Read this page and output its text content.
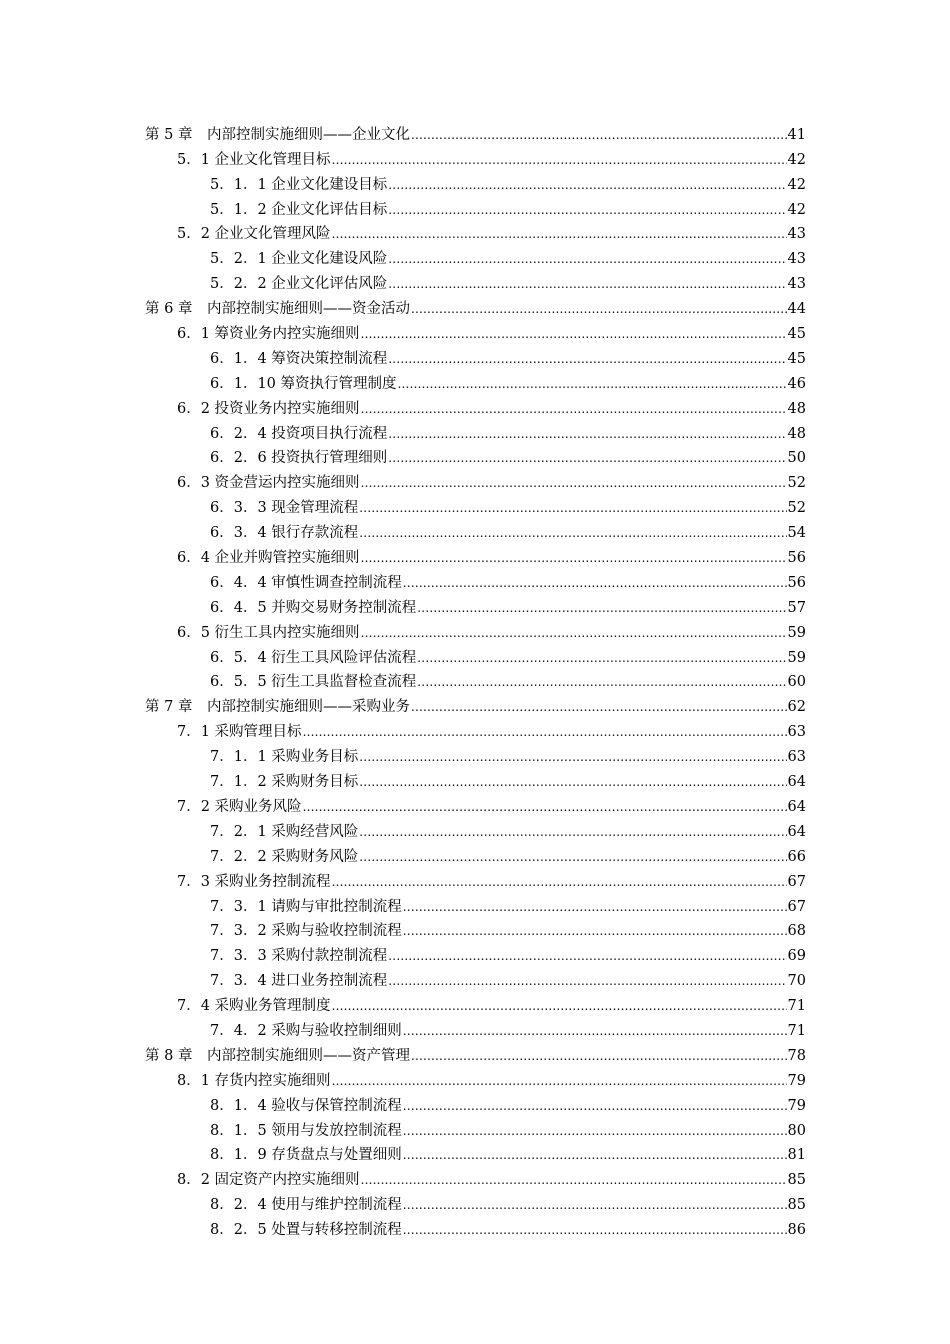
第 5 章　内部控制实施细则——企业文化 .....	41
5．1 企业文化管理目标 .....	42
5．1．1 企业文化建设目标 .....	42
5．1．2 企业文化评估目标 .....	42
5．2 企业文化管理风险 .....	43
5．2．1 企业文化建设风险 .....	43
5．2．2 企业文化评估风险 .....	43
第 6 章　内部控制实施细则——资金活动 .....	44
6．1 筹资业务内控实施细则 .....	45
6．1．4 筹资决策控制流程 .....	45
6．1．10 筹资执行管理制度 .....	46
6．2 投资业务内控实施细则 .....	48
6．2．4 投资项目执行流程 .....	48
6．2．6 投资执行管理细则 .....	50
6．3 资金营运内控实施细则 .....	52
6．3．3 现金管理流程 .....	52
6．3．4 银行存款流程 .....	54
6．4 企业并购管控实施细则 .....	56
6．4．4 审慎性调查控制流程 .....	56
6．4．5 并购交易财务控制流程 .....	57
6．5 衍生工具内控实施细则 .....	59
6．5．4 衍生工具风险评估流程 .....	59
6．5．5 衍生工具监督检查流程 .....	60
第 7 章　内部控制实施细则——采购业务 .....	62
7．1 采购管理目标 .....	63
7．1．1 采购业务目标 .....	63
7．1．2 采购财务目标 .....	64
7．2 采购业务风险 .....	64
7．2．1 采购经营风险 .....	64
7．2．2 采购财务风险 .....	66
7．3 采购业务控制流程 .....	67
7．3．1 请购与审批控制流程 .....	67
7．3．2 采购与验收控制流程 .....	68
7．3．3 采购付款控制流程 .....	69
7．3．4 进口业务控制流程 .....	70
7．4 采购业务管理制度 .....	71
7．4．2 采购与验收控制细则 .....	71
第 8 章　内部控制实施细则——资产管理 .....	78
8．1 存货内控实施细则 .....	79
8．1．4 验收与保管控制流程 .....	79
8．1．5 领用与发放控制流程 .....	80
8．1．9 存货盘点与处置细则 .....	81
8．2 固定资产内控实施细则 .....	85
8．2．4 使用与维护控制流程 .....	85
8．2．5 处置与转移控制流程 .....	86
